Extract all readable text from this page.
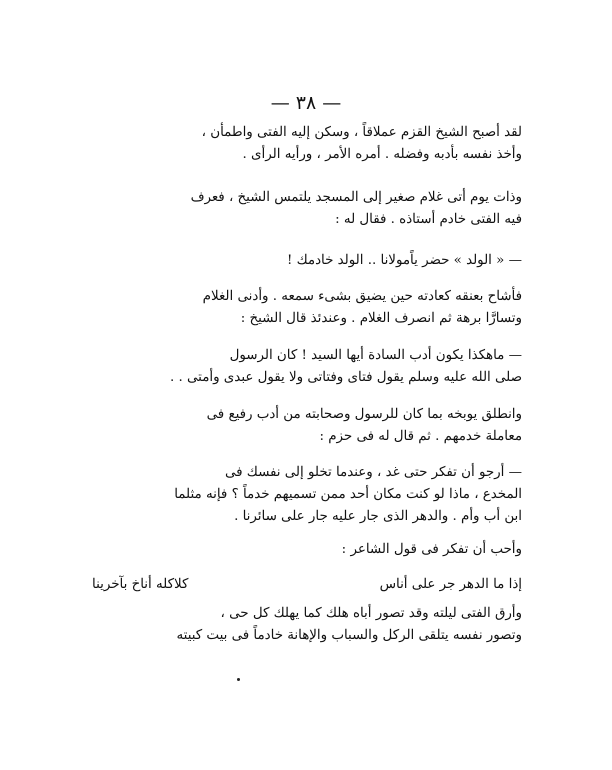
— ٣٨ —
لقد أصبح الشيخ القزم عملاقاً ، وسكن إليه الفتى واطمأن ،
وأخذ نفسه بأدبه وفضله . أمره الأمر ، ورأيه الرأى .
وذات يوم أتى غلام صغير إلى المسجد يلتمس الشيخ ، فعرف
فيه الفتى خادم أستاذه . فقال له :
— « الولد » حضر ياًمولانا .. الولد خادمك !
فأشاح بعنقه كعادته حين يضيق بشىء سمعه . وأدنى الغلام
وتسارَّا برهة ثم انصرف الغلام . وعندئذ قال الشيخ :
— ماهكذا يكون أدب السادة أيها السيد ! كان الرسول
صلى الله عليه وسلم يقول فتاى وفتاتى ولا يقول عبدى وأمتى . .
وانطلق يوبخه بما كان للرسول وصحابته من أدب رفيع فى
معاملة خدمهم . ثم قال له فى حزم :
— أرجو أن تفكر حتى غد ، وعندما تخلو إلى نفسك فى
المخدع ، ماذا لو كنت مكان أحد ممن تسميهم خدماً ؟ فإنه مثلما
ابن أب وأم . والدهر الذى جار عليه جار على سائرنا .
وأحب أن تفكر فى قول الشاعر :
إذا ما الدهر جر على أناس
كلاكله أناخ بآخرينا
وأرق الفتى ليلته وقد تصور أباه هلك كما يهلك كل حى ،
وتصور نفسه يتلقى الركل والسباب والإهانة خادماً فى بيت كبيته
